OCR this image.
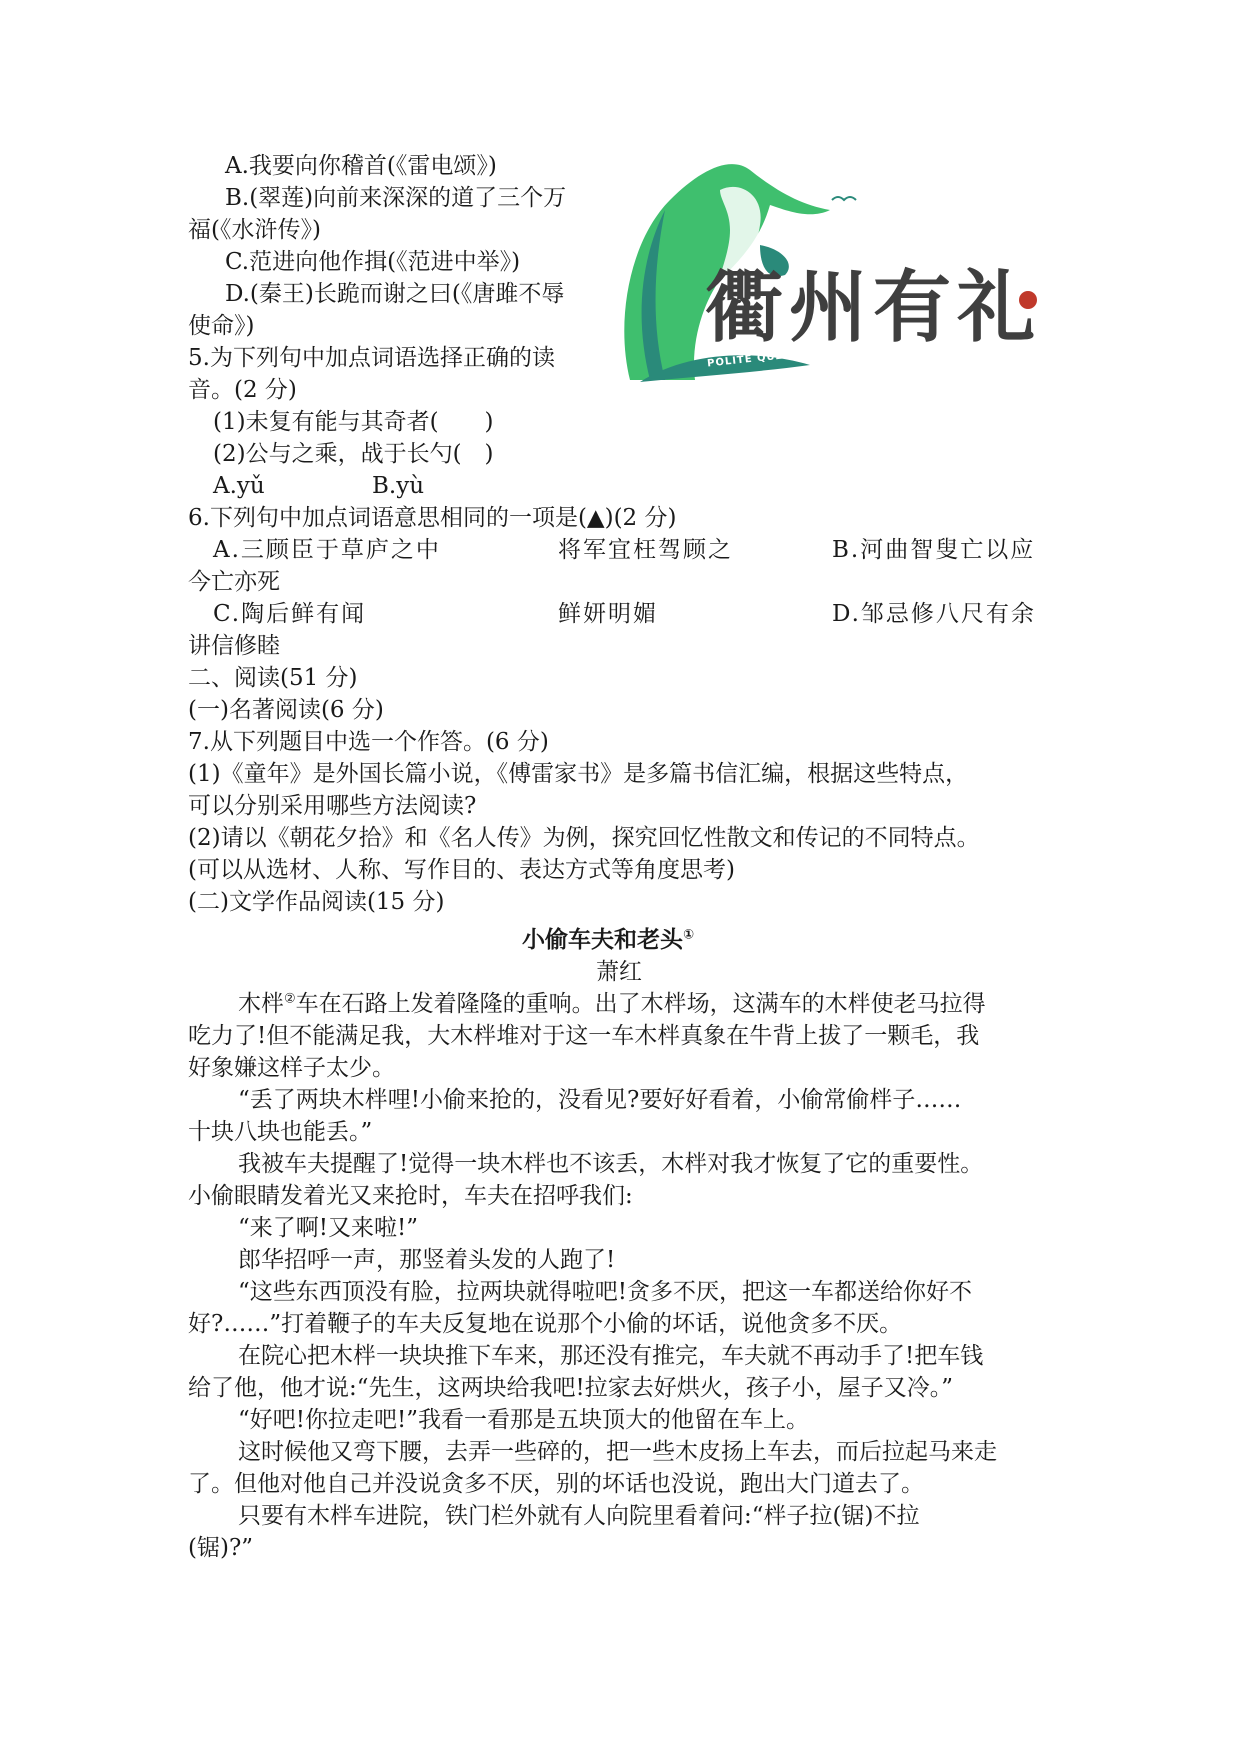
A.我要向你稽首(《雷电颂》)
B.(翠莲)向前来深深的道了三个万
福(《水浒传》)
C.范进向他作揖(《范进中举》)
D.(秦王)长跪而谢之曰(《唐雎不辱
使命》)
5.为下列句中加点词语选择正确的读
音。(2 分)
(1)未复有能与其奇者(　　)
(2)公与之乘，战于长勺(　)
A.yǔ	B.yù
6.下列句中加点词语意思相同的一项是(▲)(2 分)
A.三顾臣于草庐之中	将军宜枉驾顾之	B.河曲智叟亡以应
今亡亦死
C.陶后鲜有闻	鲜妍明媚	D.邹忌修八尺有余
讲信修睦
二、阅读(51 分)
(一)名著阅读(6 分)
7.从下列题目中选一个作答。(6 分)
(1)《童年》是外国长篇小说，《傅雷家书》是多篇书信汇编，根据这些特点，
可以分别采用哪些方法阅读?
(2)请以《朝花夕拾》和《名人传》为例，探究回忆性散文和传记的不同特点。
(可以从选材、人称、写作目的、表达方式等角度思考)
(二)文学作品阅读(15 分)
小偷车夫和老头①
萧红
木柈②车在石路上发着隆隆的重响。出了木柈场，这满车的木柈使老马拉得
吃力了!但不能满足我，大木柈堆对于这一车木柈真象在牛背上拔了一颗毛，我
好象嫌这样子太少。
“丢了两块木柈哩!小偷来抢的，没看见?要好好看着，小偷常偷柈子……
十块八块也能丢。”
我被车夫提醒了!觉得一块木柈也不该丢，木柈对我才恢复了它的重要性。
小偷眼睛发着光又来抢时，车夫在招呼我们:
“来了啊!又来啦!”
郎华招呼一声，那竖着头发的人跑了!
“这些东西顶没有脸，拉两块就得啦吧!贪多不厌，把这一车都送给你好不
好?……”打着鞭子的车夫反复地在说那个小偷的坏话，说他贪多不厌。
在院心把木柈一块块推下车来，那还没有推完，车夫就不再动手了!把车钱
给了他，他才说:“先生，这两块给我吧!拉家去好烘火，孩子小，屋子又冷。”
“好吧!你拉走吧!”我看一看那是五块顶大的他留在车上。
这时候他又弯下腰，去弄一些碎的，把一些木皮扬上车去，而后拉起马来走
了。但他对他自己并没说贪多不厌，别的坏话也没说，跑出大门道去了。
只要有木柈车进院，铁门栏外就有人向院里看着问:“柈子拉(锯)不拉
(锯)?”
衢州有礼
POLITE QUZHOU
